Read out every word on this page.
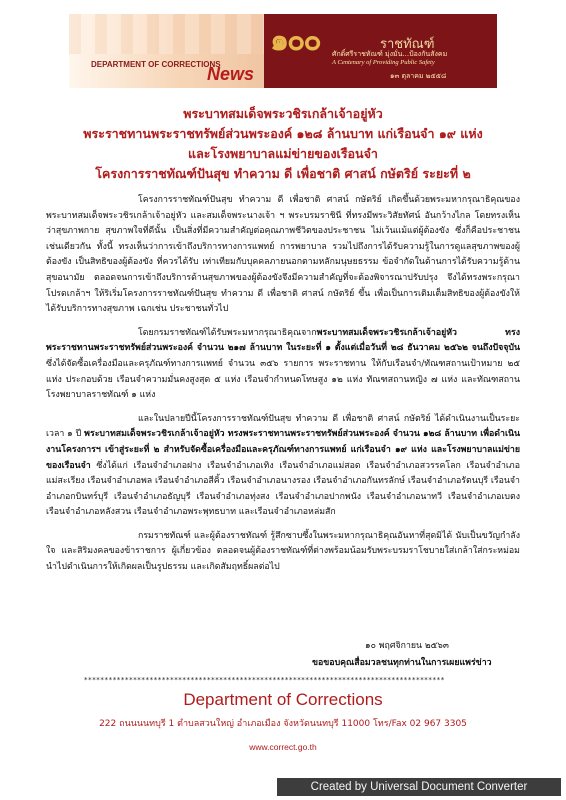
DEPARTMENT OF CORRECTIONS
News
๑๐๐	ราชทัณฑ์
ศักดิ์ศรีราชทัณฑ์ มุ่งมั่น...ป้องกันสังคม
A Centenary of Providing Public Safety
๑๓ ตุลาคม ๒๕๕๘
พระบาทสมเด็จพระวชิรเกล้าเจ้าอยู่หัว
พระราชทานพระราชทรัพย์ส่วนพระองค์ ๑๒๘ ล้านบาท แก่เรือนจำ ๑๙ แห่ง
และโรงพยาบาลแม่ข่ายของเรือนจำ
โครงการราชทัณฑ์ปันสุข ทำความ ดี เพื่อชาติ ศาสน์ กษัตริย์ ระยะที่ ๒

โครงการราชทัณฑ์ปันสุข ทำความ ดี เพื่อชาติ ศาสน์ กษัตริย์ เกิดขึ้นด้วยพระมหากรุณาธิคุณของพระบาทสมเด็จพระวชิรเกล้าเจ้าอยู่หัว และสมเด็จพระนางเจ้า ฯ พระบรมราชินี ที่ทรงมีพระวิสัยทัศน์ อันกว้างไกล โดยทรงเห็นว่าสุขภาพกาย สุขภาพใจที่ดีนั้น เป็นสิ่งที่มีความสำคัญต่อคุณภาพชีวิตของประชาชน ไม่เว้นแม้แต่ผู้ต้องขัง ซึ่งก็คือประชาชนเช่นเดียวกัน ทั้งนี้ ทรงเห็นว่าการเข้าถึงบริการทางการแพทย์ การพยาบาล รวมไปถึงการได้รับความรู้ในการดูแลสุขภาพของผู้ต้องขัง เป็นสิทธิของผู้ต้องขัง ที่ควรได้รับ เท่าเทียมกับบุคคลภายนอกตามหลักมนุษยธรรม ข้อจำกัดในด้านการได้รับความรู้ด้านสุขอนามัย ตลอดจนการเข้าถึงบริการด้านสุขภาพของผู้ต้องขังจึงมีความสำคัญที่จะต้องพิจารณาปรับปรุง จึงได้ทรงพระกรุณา โปรดเกล้าฯ ให้ริเริ่มโครงการราชทัณฑ์ปันสุข ทำความ ดี เพื่อชาติ ศาสน์ กษัตริย์ ขึ้น เพื่อเป็นการเติมเต็มสิทธิของผู้ต้องขังให้ได้รับบริการทางสุขภาพ เฉกเช่น ประชาชนทั่วไป

โดยกรมราชทัณฑ์ได้รับพระมหากรุณาธิคุณจากพระบาทสมเด็จพระวชิรเกล้าเจ้าอยู่หัว ทรงพระราชทานพระราชทรัพย์ส่วนพระองค์ จำนวน ๒๑๗ ล้านบาท ในระยะที่ ๑ ตั้งแต่เมื่อวันที่ ๒๘ ธันวาคม ๒๕๖๒ จนถึงปัจจุบัน ซึ่งได้จัดซื้อเครื่องมือและครุภัณฑ์ทางการแพทย์ จำนวน ๓๕๖ รายการ พระราชทาน ให้กับเรือนจำ/ทัณฑสถานเป้าหมาย ๒๕ แห่ง ประกอบด้วย เรือนจำความมั่นคงสูงสุด ๕ แห่ง เรือนจำกำหนดโทษสูง ๑๒ แห่ง ทัณฑสถานหญิง ๗ แห่ง และทัณฑสถานโรงพยาบาลราชทัณฑ์ ๑ แห่ง

และในปลายปีนี้โครงการราชทัณฑ์ปันสุข ทำความ ดี เพื่อชาติ ศาสน์ กษัตริย์ ได้ดำเนินงานเป็นระยะเวลา ๑ ปี พระบาทสมเด็จพระวชิรเกล้าเจ้าอยู่หัว ทรงพระราชทานพระราชทรัพย์ส่วนพระองค์ จำนวน ๑๒๘ ล้านบาท เพื่อดำเนินงานโครงการฯ เข้าสู่ระยะที่ ๒ สำหรับจัดซื้อเครื่องมือและครุภัณฑ์ทางการแพทย์ แก่เรือนจำ ๑๙ แห่ง และโรงพยาบาลแม่ข่ายของเรือนจำ ซึ่งได้แก่ เรือนจำอำเภอฝาง เรือนจำอำเภอเทิง เรือนจำอำเภอแม่สอด เรือนจำอำเภอสวรรคโลก เรือนจำอำเภอแม่สะเรียง เรือนจำอำเภอพล เรือนจำอำเภอสีคิ้ว เรือนจำอำเภอนางรอง เรือนจำอำเภอกันทรลักษ์ เรือนจำอำเภอรัตนบุรี เรือนจำอำเภอกบินทร์บุรี เรือนจำอำเภอธัญบุรี เรือนจำอำเภอทุ่งสง เรือนจำอำเภอปากพนัง เรือนจำอำเภอนาทวี เรือนจำอำเภอเบตง เรือนจำอำเภอหลังสวน เรือนจำอำเภอพระพุทธบาท และเรือนจำอำเภอหล่มสัก

กรมราชทัณฑ์ และผู้ต้องราชทัณฑ์ รู้สึกซาบซึ้งในพระมหากรุณาธิคุณอันหาที่สุดมิได้ นับเป็นขวัญกำลังใจ และสิริมงคลของข้าราชการ ผู้เกี่ยวข้อง ตลอดจนผู้ต้องราชทัณฑ์ที่ต่างพร้อมน้อมรับพระบรมราโชบายใส่เกล้าใส่กระหม่อม นำไปดำเนินการให้เกิดผลเป็นรูปธรรม และเกิดสัมฤทธิ์ผลต่อไป

๑๐ พฤศจิกายน ๒๕๖๓
ขอขอบคุณสื่อมวลชนทุกท่านในการเผยแพร่ข่าว
****************************************************************************************
Department of Corrections
222 ถนนนนทบุรี 1 ตำบลสวนใหญ่ อำเภอเมือง จังหวัดนนทบุรี 11000 โทร/Fax 02 967 3305
www.correct.go.th
Created by Universal Document Converter
